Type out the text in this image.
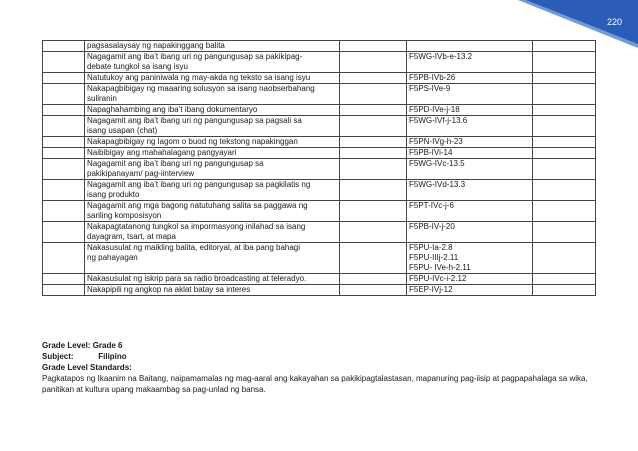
220
	pagsasalaysay ng napakinggang balita			
	Nagagamit ang iba’t ibang uri ng pangungusap sa pakikipag-
debate tungkol sa isang isyu		F5WG-IVb-e-13.2	
	Natutukoy ang paniniwala ng may-akda ng teksto sa isang isyu		F5PB-IVb-26	
	Nakapagbibigay ng maaaring solusyon sa isang naobserbahang
suliranin		F5PS-IVe-9	
	Napaghahambing ang iba’t ibang dokumentaryo		F5PD-IVe-j-18	
	Nagagamit ang iba’t ibang uri ng pangungusap sa pagsali sa
isang usapan (chat)		F5WG-IVf-j-13.6	
	Nakapagbibigay ng lagom o buod ng tekstong napakinggan		F5PN-IVg-h-23	
	Naibibigay ang mahahalagang pangyayari		F5PB-IVi-14	
	Nagagamit ang iba’t ibang uri ng pangungusap sa
pakikipanayam/ pag-iinterview		F5WG-IVc-13.5	
	Nagagamit ang iba’t ibang uri ng pangungusap sa pagkilatis ng
isang produkto		F5WG-IVd-13.3	
	Nagagamit ang mga bagong natutuhang salita sa paggawa ng
sariling komposisyon		F5PT-IVc-j-6	
	Nakapagtatanong tungkol sa impormasyong inilahad sa isang
dayagram, tsart, at mapa		F5PB-IV-j-20	
	Nakasusulat ng maikling balita, editoryal, at iba pang bahagi
ng pahayagan		F5PU-Ia-2.8
F5PU-IIIj-2.11
F5PU- IVe-h-2.11	
	Nakasusulat ng iskrip para sa radio broadcasting at teleradyo.		F5PU-IVc-i-2.12	
	Nakapipili ng angkop na aklat batay sa interes		F5EP-IVj-12	
Grade Level: Grade 6
Subject:	Filipino
Grade Level Standards:
Pagkatapos ng Ikaanim na Baitang, naipamamalas ng mag-aaral ang kakayahan sa pakikipagtalastasan, mapanuring pag-iisip at pagpapahalaga sa wika, panitikan at kultura upang makaambag sa pag-unlad ng bansa.
